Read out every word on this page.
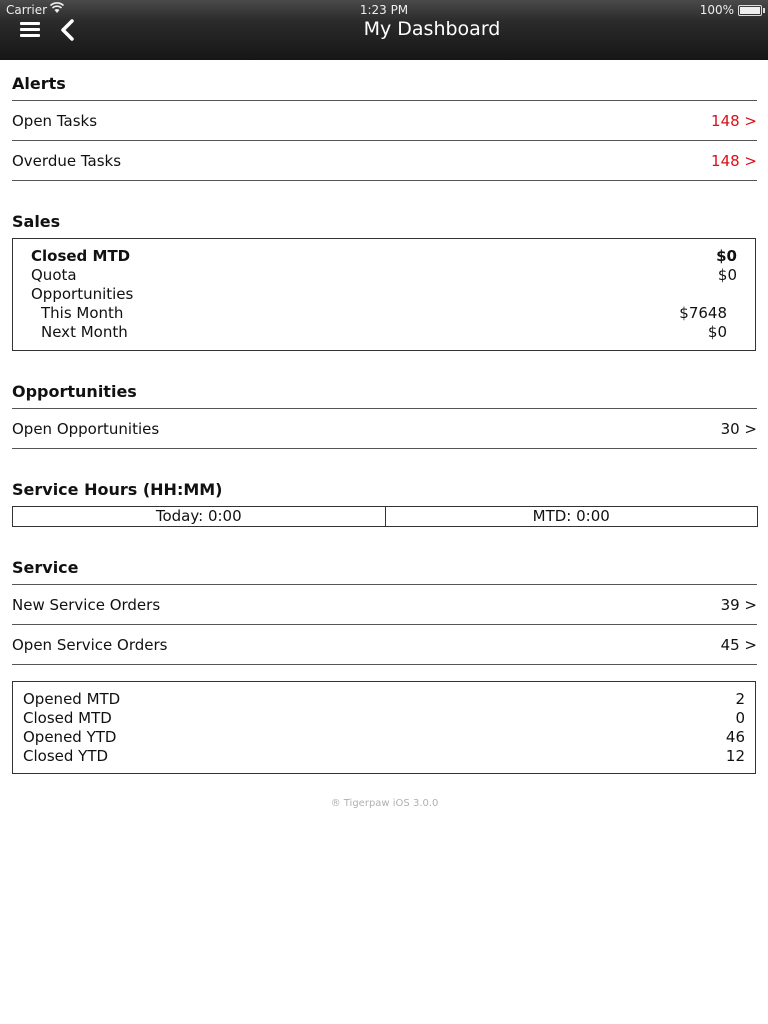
Carrier	1:23 PM	100%
My Dashboard
Alerts
Open Tasks	148 >
Overdue Tasks	148 >
Sales
Closed MTD	$0
Quota	$0
Opportunities
This Month	$7648
Next Month	$0
Opportunities
Open Opportunities	30 >
Service Hours (HH:MM)
Today: 0:00	MTD: 0:00
Service
New Service Orders	39 >
Open Service Orders	45 >
Opened MTD	2
Closed MTD	0
Opened YTD	46
Closed YTD	12
® Tigerpaw iOS 3.0.0
